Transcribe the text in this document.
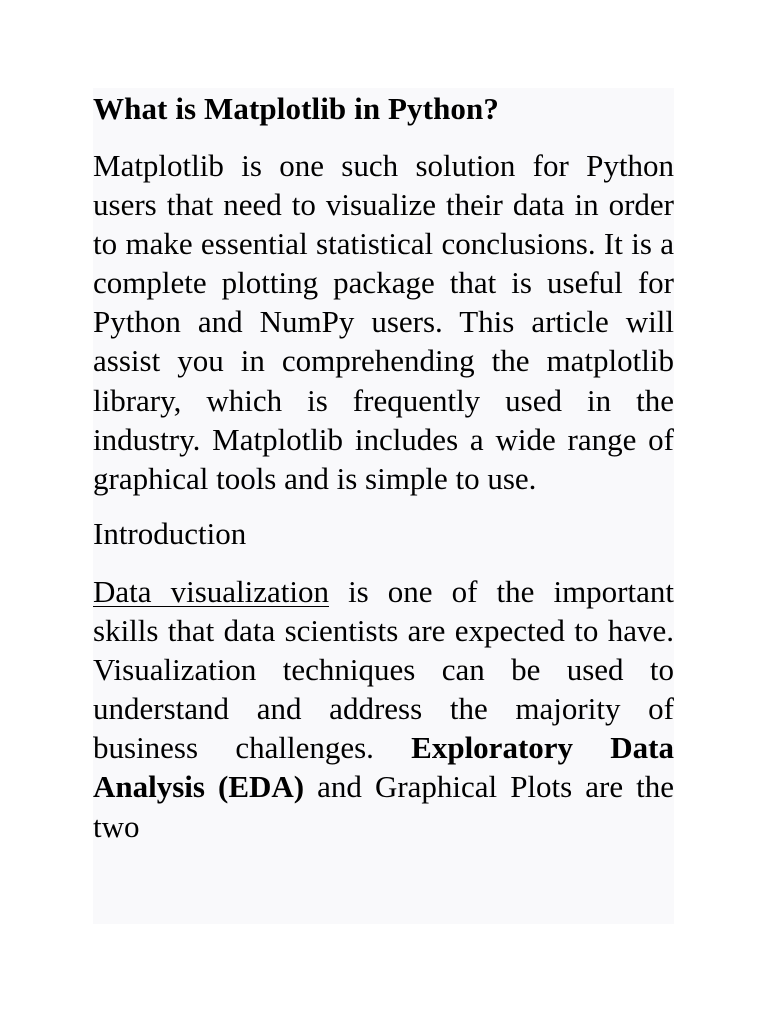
What is Matplotlib in Python?

Matplotlib is one such solution for Python users that need to visualize their data in order to make essential statistical conclusions. It is a complete plotting package that is useful for Python and NumPy users. This article will assist you in comprehending the matplotlib library, which is frequently used in the industry. Matplotlib includes a wide range of graphical tools and is simple to use.

Introduction

Data visualization is one of the important skills that data scientists are expected to have. Visualization techniques can be used to understand and address the majority of business challenges. Exploratory Data Analysis (EDA) and Graphical Plots are the two
